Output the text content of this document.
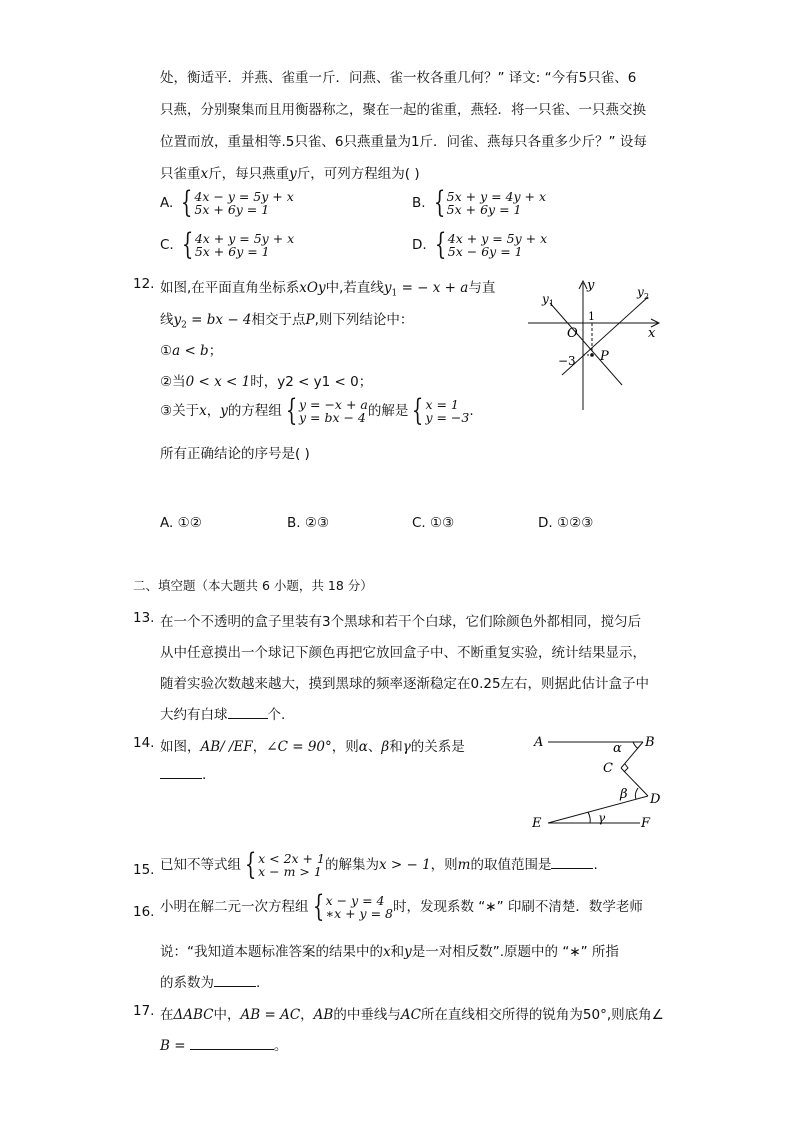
处，衡适平．并燕、雀重一斤．问燕、雀一枚各重几何？” 译文: “今有5只雀、6
只燕，分别聚集而且用衡器称之，聚在一起的雀重，燕轻．将一只雀、一只燕交换
位置而放，重量相等.5只雀、6只燕重量为1斤．问雀、燕每只各重多少斤？” 设每
只雀重x斤，每只燕重y斤，可列方程组为( )
A. { 4x − y = 5y + x
5x + 6y = 1	B. { 5x + y = 4y + x
5x + 6y = 1
C. { 4x + y = 5y + x
5x + 6y = 1	D. { 4x + y = 5y + x
5x − 6y = 1
12. 如图,在平面直角坐标系xOy中,若直线$y_1$ = − x + a与直
线$y_2$ = bx − 4相交于点P,则下列结论中：
①a < b；
②当0 < x < 1时，y2 < y1 < 0；
③关于x，y的方程组 { y = −x + a
y = bx − 4 的解是 { x = 1
y = −3 .
所有正确结论的序号是( )
A. ①②	B. ②③	C. ①③	D. ①②③
y
x
O
1
−3 P
y 1
y 2
二、填空题（本大题共 6 小题，共 18 分）
13. 在一个不透明的盒子里装有3个黑球和若干个白球，它们除颜色外都相同，搅匀后
从中任意摸出一个球记下颜色再把它放回盒子中、不断重复实验，统计结果显示，
随着实验次数越来越大，摸到黑球的频率逐渐稳定在0.25左右，则据此估计盒子中
大约有白球	个.
14. 如图，AB/ /EF，∠C = 90°，则α、β和γ的关系是
.
A	B
C
D
E	F
α
β
γ
15. 已知不等式组 { x < 2x + 1
x − m > 1 的解集为x > − 1，则m的取值范围是	.
16. 小明在解二元一次方程组 { x − y = 4
∗x + y = 8 时，发现系数 “∗” 印刷不清楚．数学老师
说：“我知道本题标准答案的结果中的x和y是一对相反数”.原题中的 “∗” 所指
的系数为	.
17. 在ΔABC中，AB = AC，AB的中垂线与AC所在直线相交所得的锐角为50°,则底角∠
B =	。
